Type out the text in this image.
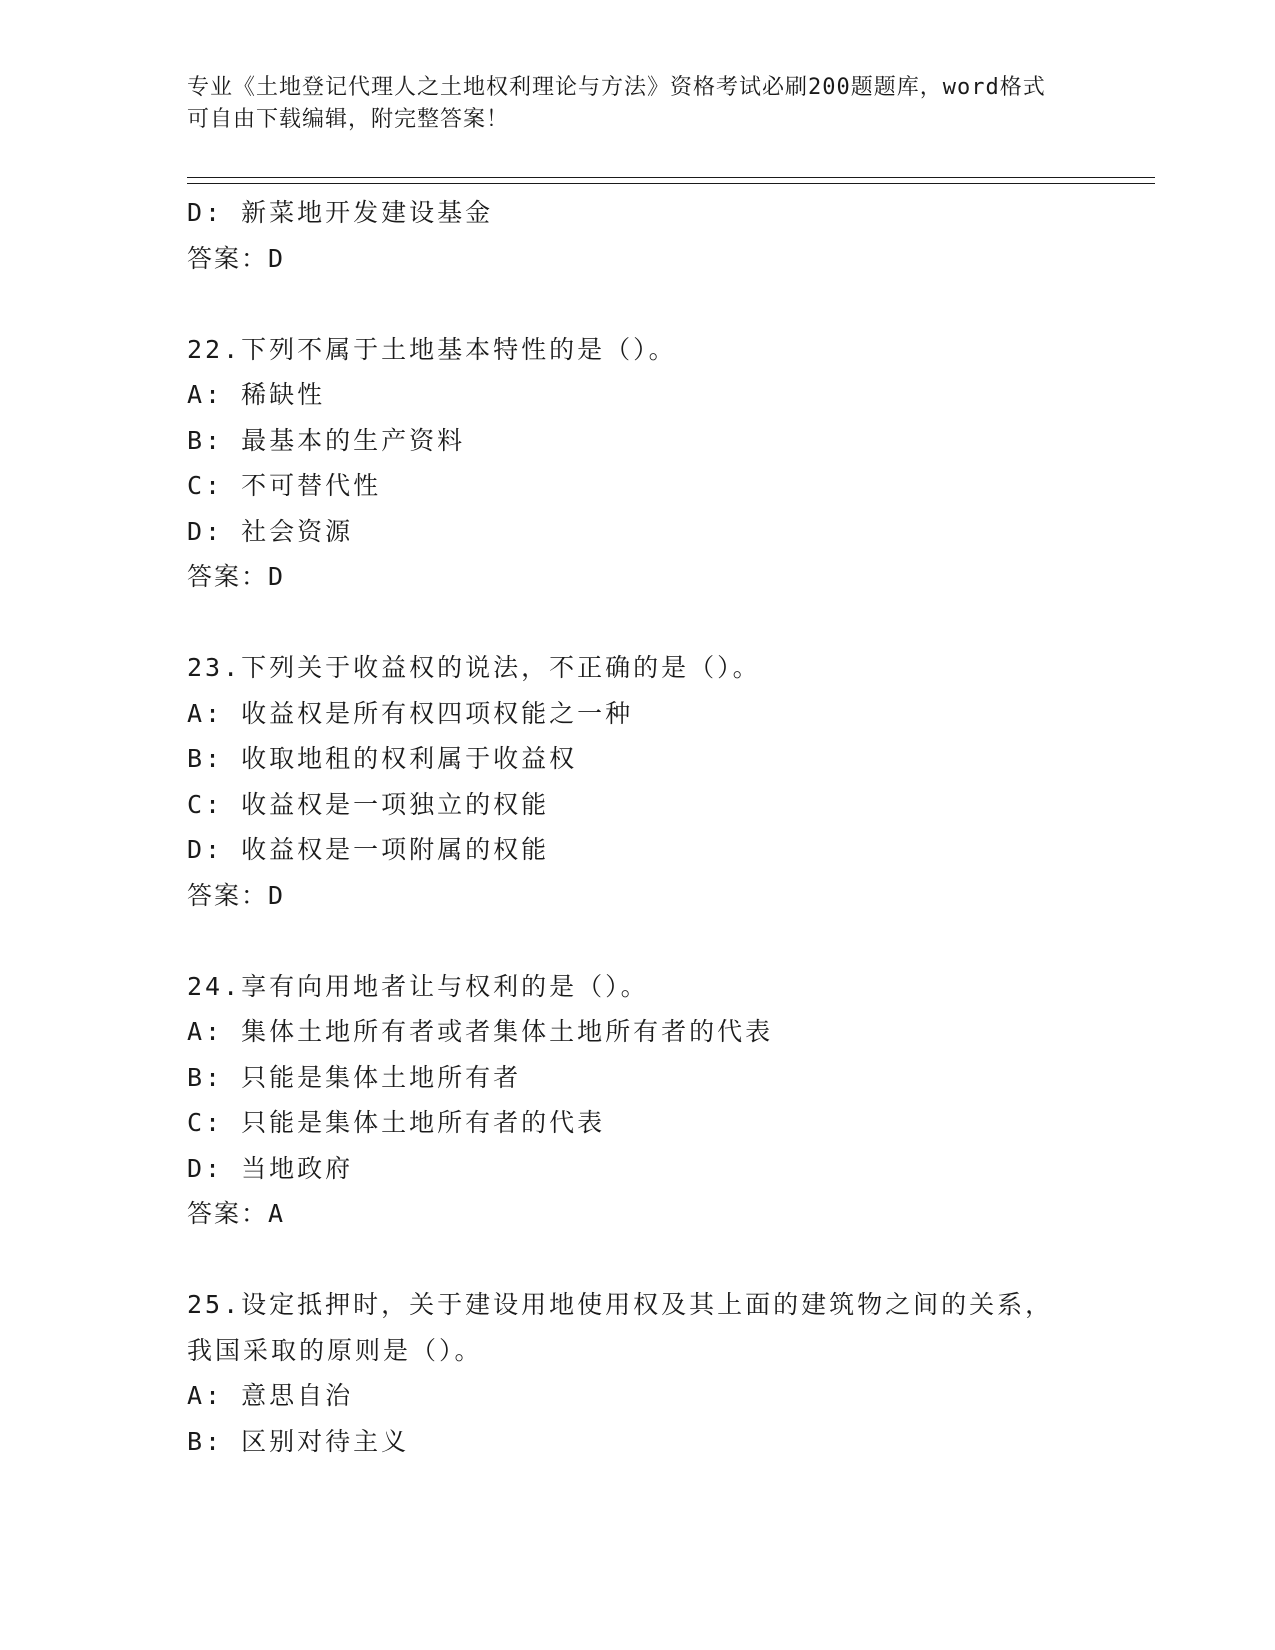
专业《土地登记代理人之土地权利理论与方法》资格考试必刷200题题库，word格式可自由下载编辑，附完整答案！
D: 新菜地开发建设基金
答案：D
22.下列不属于土地基本特性的是（）。
A: 稀缺性
B: 最基本的生产资料
C: 不可替代性
D: 社会资源
答案：D
23.下列关于收益权的说法，不正确的是（）。
A: 收益权是所有权四项权能之一种
B: 收取地租的权利属于收益权
C: 收益权是一项独立的权能
D: 收益权是一项附属的权能
答案：D
24.享有向用地者让与权利的是（）。
A: 集体土地所有者或者集体土地所有者的代表
B: 只能是集体土地所有者
C: 只能是集体土地所有者的代表
D: 当地政府
答案：A
25.设定抵押时，关于建设用地使用权及其上面的建筑物之间的关系，
我国采取的原则是（）。
A: 意思自治
B: 区别对待主义
